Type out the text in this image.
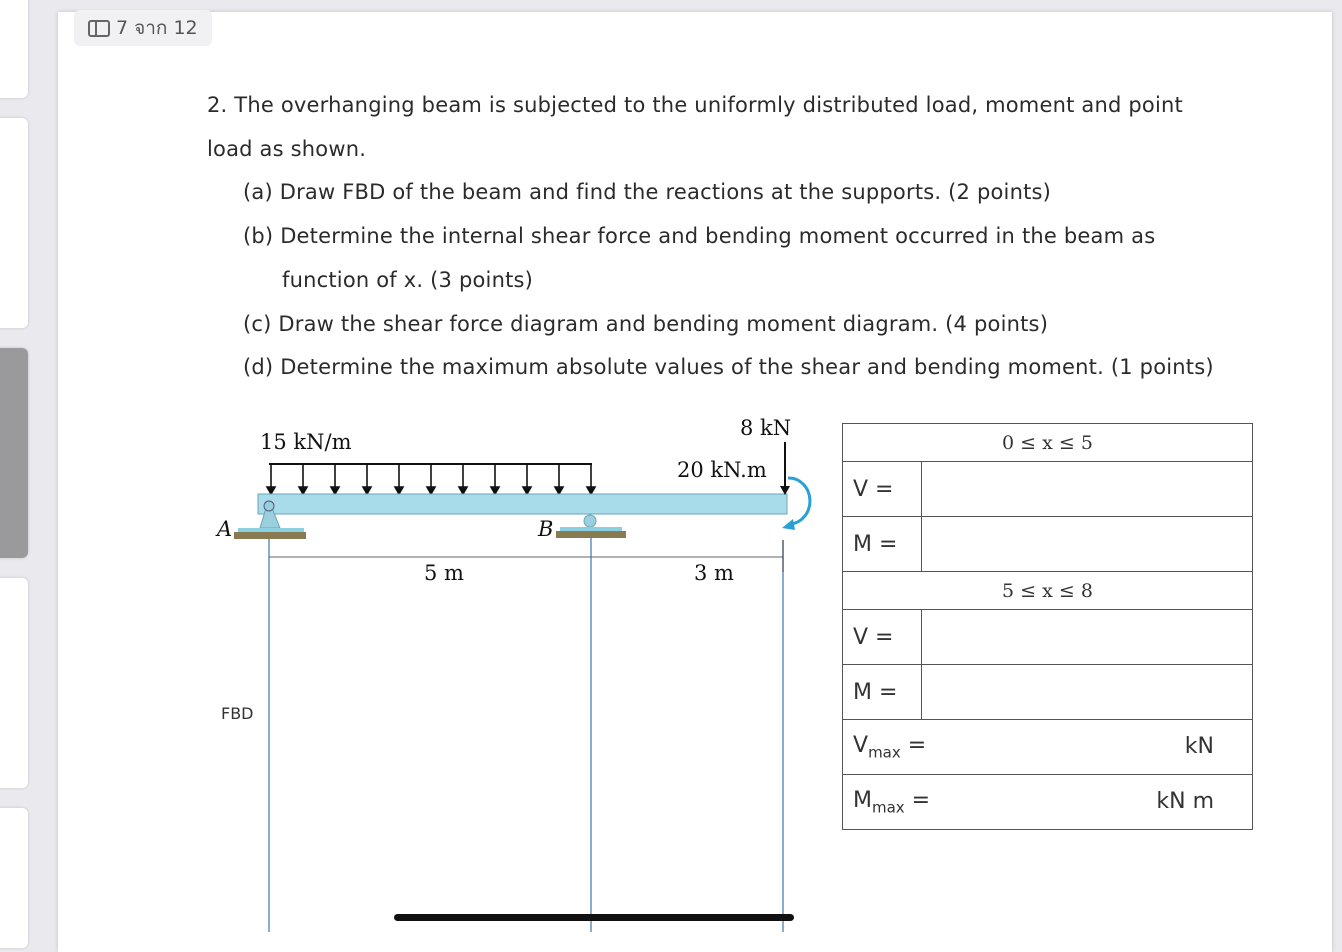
7 จาก 12
2. The overhanging beam is subjected to the uniformly distributed load, moment and point
load as shown.
(a) Draw FBD of the beam and find the reactions at the supports. (2 points)
(b) Determine the internal shear force and bending moment occurred in the beam as
function of x. (3 points)
(c) Draw the shear force diagram and bending moment diagram. (4 points)
(d) Determine the maximum absolute values of the shear and bending moment. (1 points)
15 kN/m
8 kN
20 kN.m
A	B
5 m	3 m
FBD
0 ≤ x ≤ 5	
V =	
M =	
5 ≤ x ≤ 8	
V =	
M =	

$V_{max}$ = kN	

$M_{max}$ = kN m	
